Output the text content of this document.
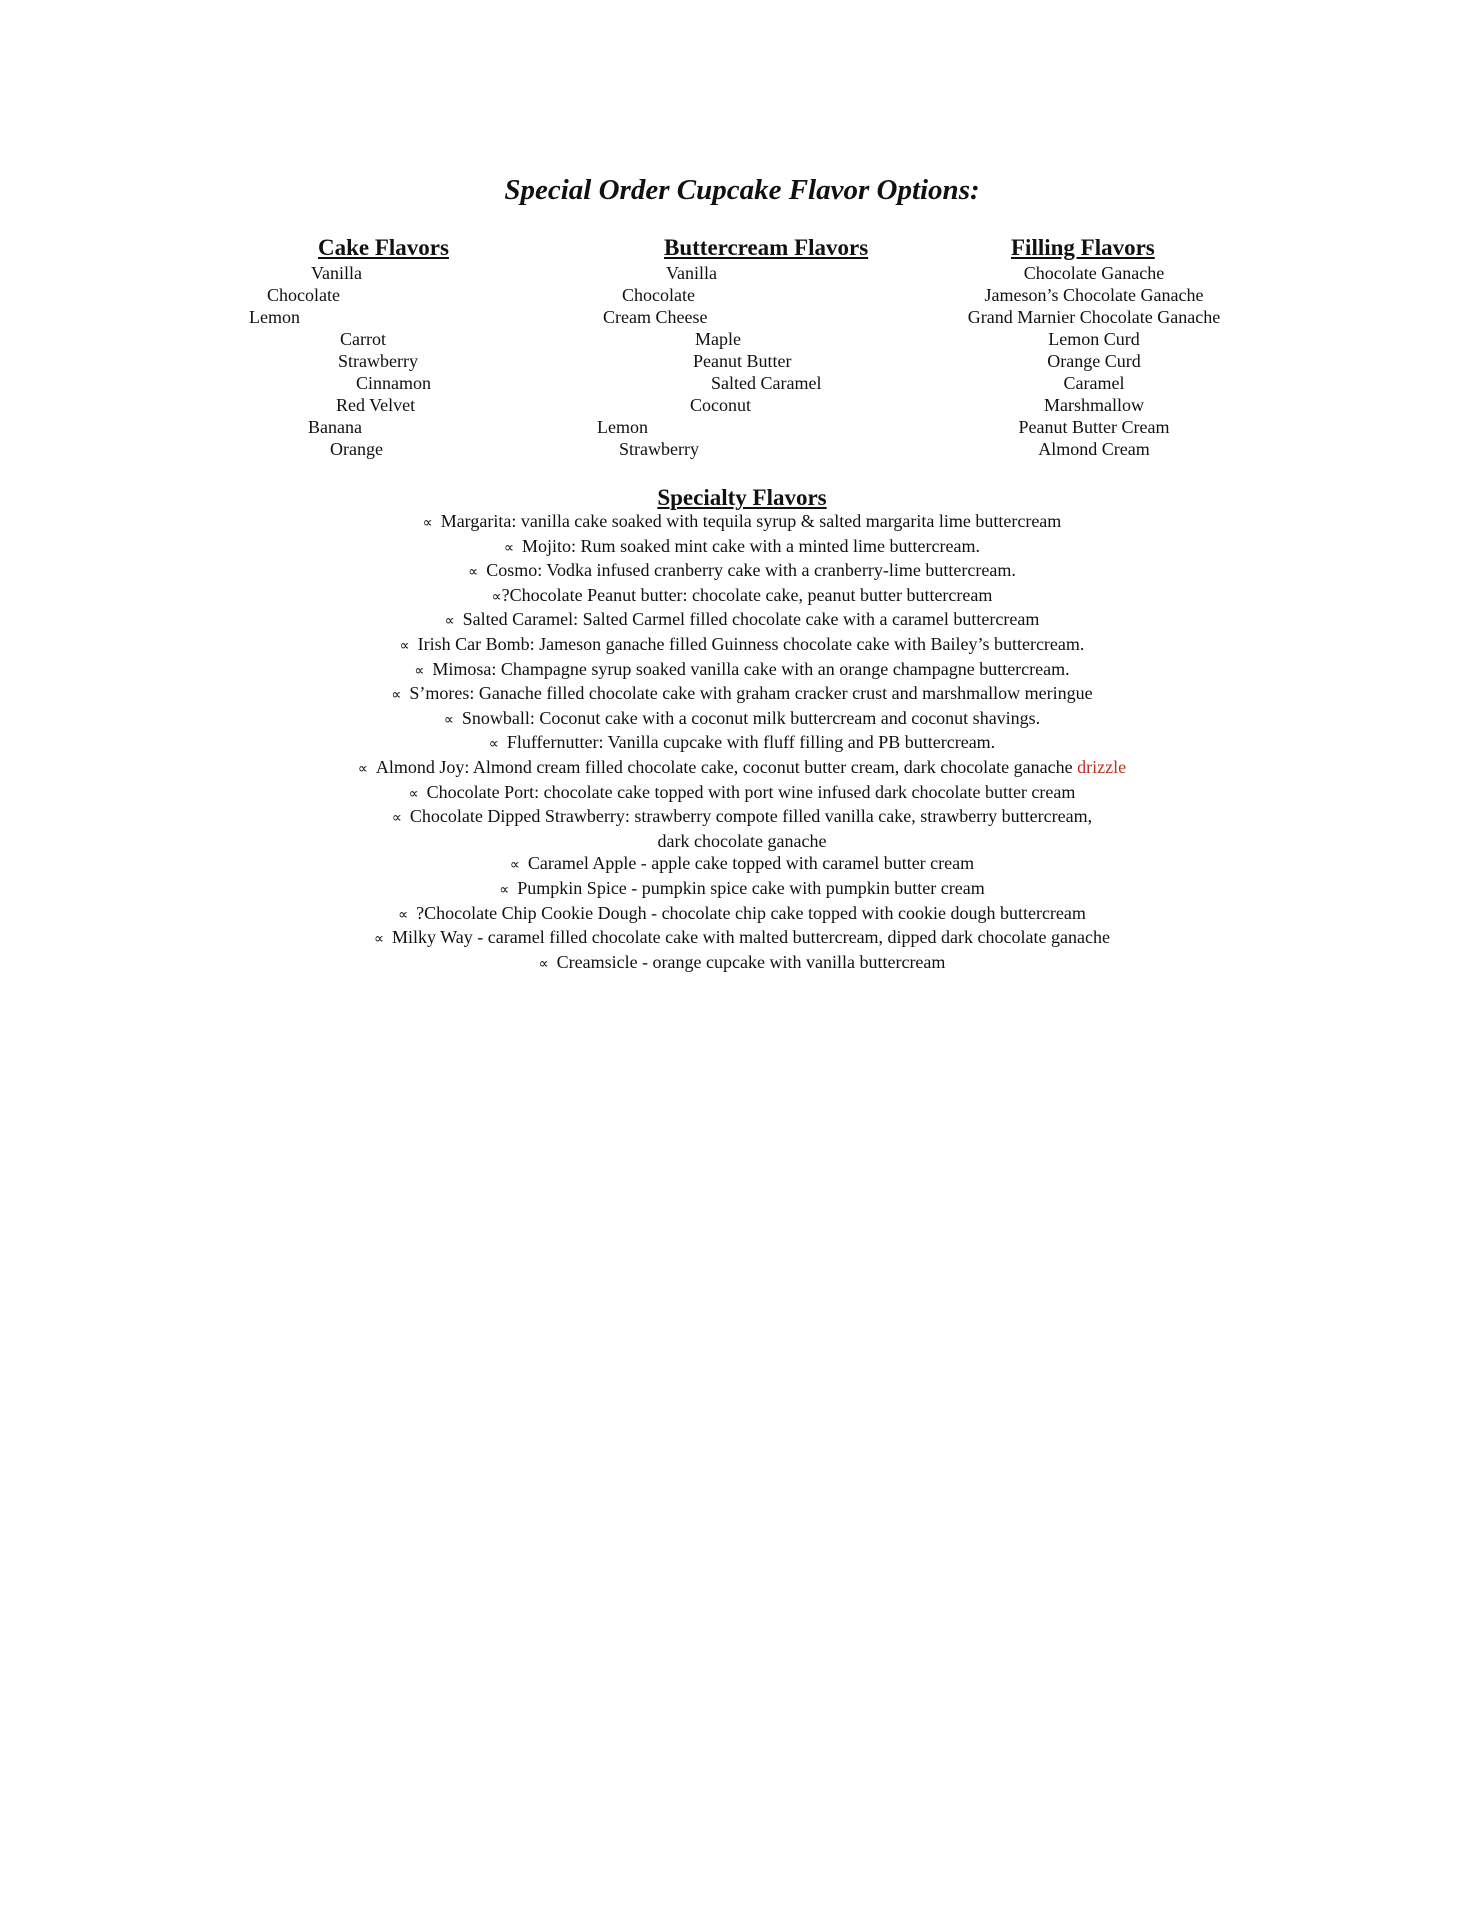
Special Order Cupcake Flavor Options:
Cake Flavors
Vanilla
Chocolate
Lemon
Carrot
Strawberry
Cinnamon
Red Velvet
Banana
Orange
Buttercream Flavors
Vanilla
Chocolate
Cream Cheese
Maple
Peanut Butter
Salted Caramel
Coconut
Lemon
Strawberry
Filling Flavors
Chocolate Ganache
Jameson’s Chocolate Ganache
Grand Marnier Chocolate Ganache
Lemon Curd
Orange Curd
Caramel
Marshmallow
Peanut Butter Cream
Almond Cream
Specialty Flavors
∝ Margarita: vanilla cake soaked with tequila syrup & salted margarita lime buttercream
∝ Mojito: Rum soaked mint cake with a minted lime buttercream.
∝ Cosmo: Vodka infused cranberry cake with a cranberry-lime buttercream.
∝?Chocolate Peanut butter: chocolate cake, peanut butter buttercream
∝ Salted Caramel: Salted Carmel filled chocolate cake with a caramel buttercream
∝ Irish Car Bomb: Jameson ganache filled Guinness chocolate cake with Bailey’s buttercream.
∝ Mimosa: Champagne syrup soaked vanilla cake with an orange champagne buttercream.
∝ S’mores: Ganache filled chocolate cake with graham cracker crust and marshmallow meringue
∝ Snowball: Coconut cake with a coconut milk buttercream and coconut shavings.
∝ Fluffernutter: Vanilla cupcake with fluff filling and PB buttercream.
∝ Almond Joy: Almond cream filled chocolate cake, coconut butter cream, dark chocolate ganache drizzle
∝ Chocolate Port: chocolate cake topped with port wine infused dark chocolate butter cream
∝ Chocolate Dipped Strawberry: strawberry compote filled vanilla cake, strawberry buttercream,
dark chocolate ganache
∝ Caramel Apple - apple cake topped with caramel butter cream
∝ Pumpkin Spice - pumpkin spice cake with pumpkin butter cream
∝ ?Chocolate Chip Cookie Dough - chocolate chip cake topped with cookie dough buttercream
∝ Milky Way - caramel filled chocolate cake with malted buttercream, dipped dark chocolate ganache
∝ Creamsicle - orange cupcake with vanilla buttercream
